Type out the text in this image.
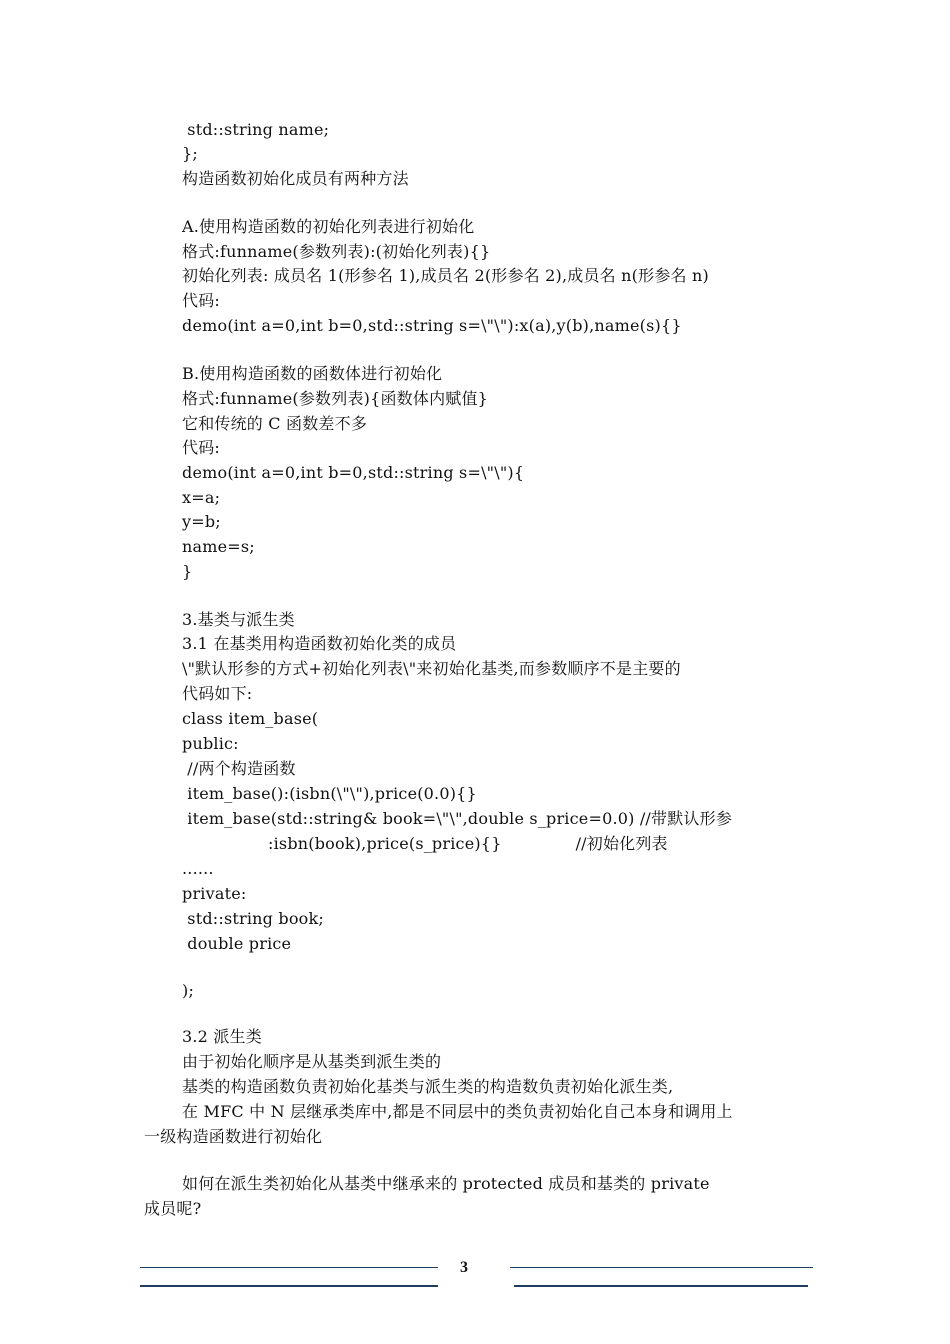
std::string name;
};
构造函数初始化成员有两种方法
A.使用构造函数的初始化列表进行初始化
格式:funname(参数列表):(初始化列表){}
初始化列表: 成员名 1(形参名 1),成员名 2(形参名 2),成员名 n(形参名 n)
代码:
demo(int a=0,int b=0,std::string s=\"\"):x(a),y(b),name(s){}
B.使用构造函数的函数体进行初始化
格式:funname(参数列表){函数体内赋值}
它和传统的 C 函数差不多
代码:
demo(int a=0,int b=0,std::string s=\"\"){
x=a;
y=b;
name=s;
}
3.基类与派生类
3.1 在基类用构造函数初始化类的成员
\"默认形参的方式+初始化列表\"来初始化基类,而参数顺序不是主要的
代码如下:
class item_base(
public:
//两个构造函数
item_base():(isbn(\"\"),price(0.0){}
item_base(std::string& book=\"\",double s_price=0.0) //带默认形参
:isbn(book),price(s_price){}              //初始化列表
......
private:
std::string book;
double price
);
3.2 派生类
由于初始化顺序是从基类到派生类的
基类的构造函数负责初始化基类与派生类的构造数负责初始化派生类,
在 MFC 中 N 层继承类库中,都是不同层中的类负责初始化自己本身和调用上
一级构造函数进行初始化
如何在派生类初始化从基类中继承来的 protected 成员和基类的 private
成员呢?
3
